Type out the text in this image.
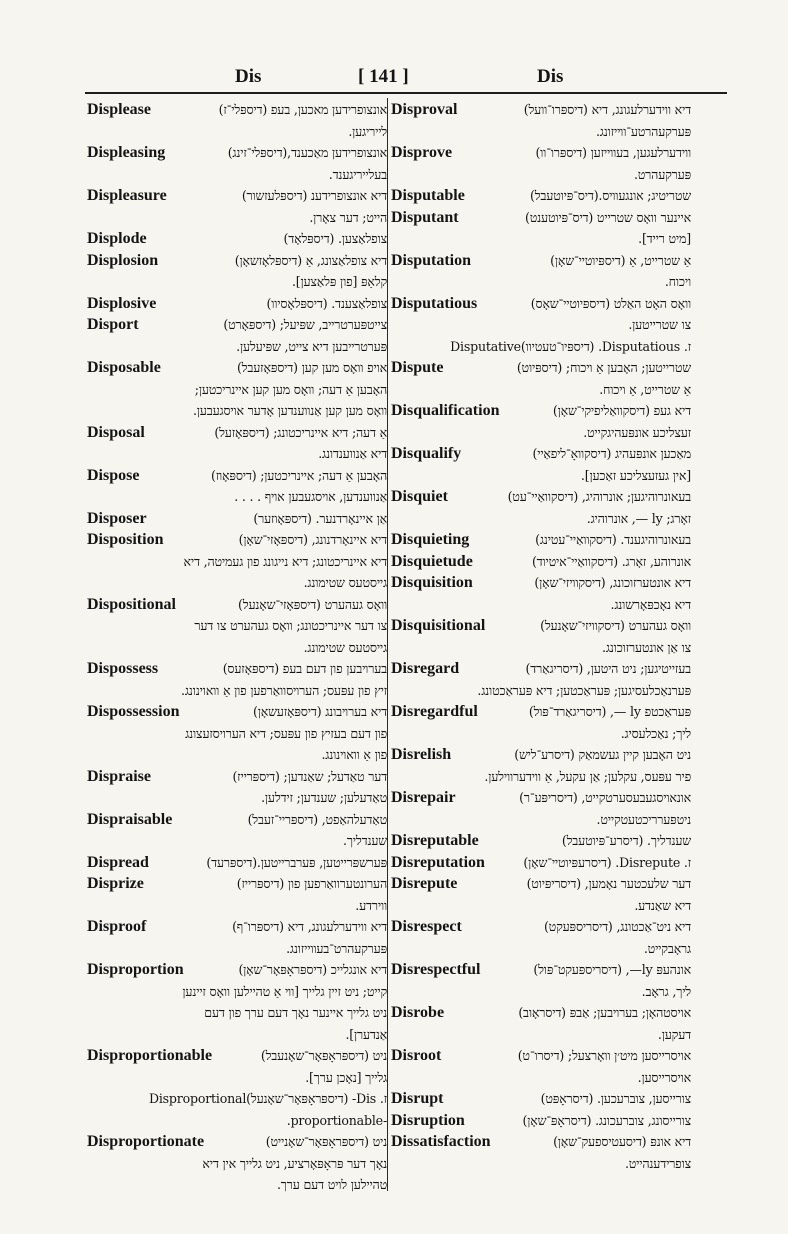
Dis	[ 141 ]	Dis
Displease	אונצופרידען מאכען, בעפ (דיספּלי־ז)
לייריגען.
Displeasing	אונצופרידען מאַכענד,(דיספּלי־זינג)
בעלייריגענד.
Displeasure	דיא אונצופרידענ (דיספּלעזשור)
הייט; דער צאָרן.
Displode	צופלאַצען. (דיספּלאָד)
Displosion	דיא צופלאַצונג, אַ (דיספּלאָזשאָן)
קלאַפּ [פון פּלאַצען].
Displosive	צופלאַצענד. (דיספּלאָסיוו)
Disport	צייטפּערטרייב, שפּיעל; (דיספּאָרט)
פּערטרייבען דיא צייט, שפּיעלען.
Disposable	אויפ וואָס מען קען (דיספּאָזעבל)
האָבען אַ דעה; וואָס מען קען איינריכטען;
וואָס מען קען אַנווענדען אָדער אויסגעבען.
Disposal	אַ דעה; דיא איינריכטונג; (דיספּאָזעל)
דיא אַנווענדונג.
Dispose	האָבען אַ דעה; איינריכטען; (דיספּאָוז)
אַנווענדען, אויסגעבען אויף . . . .
Disposer	אַן איינאָרדנער. (דיספּאָוזער)
Disposition	דיא איינאָרדנונג, (דיספּאָזי־שאָן)
דיא איינריכטונג; דיא נייגונג פון געמיטה, דיא
גייסטעס שטימונג.
Dispositional	וואָס געהערט (דיספּאָזי־שאָנעל)
צו דער איינריכטונג; וואָס געהערט צו דער
גייסטעס שטימונג.
Dispossess	בערויבען פון דעם בעפ (דיספּאָזעס)
זיץ פון עפּעס; הערויסוואַרפען פון אַ וואוינונג.
Dispossession	דיא בערויבונג (דיספּאָזעשאָן)
פון דעם בעזיץ פון עפּעס; דיא הערויסזעצונג
פון אַ וואוינונג.
Dispraise	דער טאַדעל; שאַנדען; (דיספּרייז)
טאַדעלען; שענדען; זידלען.
Dispraisable	טאַדעלהאַפט, (דיספּריי־זעבל)
שענדליך.
Dispread	פּערשפּרייטען, פּערברייטען.(דיספּרעד)
Disprize	הערונטערוואַרפען פון (דיספּרייז)
ווירדע.
Disproof	דיא ווידערלעגונג, דיא (דיספּרו־ף)
פּערקעהרט־בעווייזונג.
Disproportion	דיא אונגלייכ (דיספּראָפּאָר־שאָן)
קייט; ניט זיין גלייך [ווי אַ טהיילען וואָס זיינען
ניט גלייך איינער נאָך דעם ערך פון דעם
אַנדערן].
Disproportionable	ניט (דיספּראָפּאָר־שאָנעבל)
גלייך [נאָכן ערך].
ז. Dis- (דיספּראָפּאָר־שאָנעל)Disproportional
-proportionable.
Disproportionate	ניט (דיספּראָפּאָר־שאָנייט)
נאָך דער פּראָפּאָרציע, ניט גלייך אין דיא
טהיילען לויט דעם ערך.
Disproval	דיא ווידערלעגונג, דיא (דיספּרו־וועל)
פּערקעהרטע־ווייזונג.
Disprove	ווידערלעגען, בעווייזען (דיספּרו־וו)
פּערקעהרט.
Disputable	שטריטיג; אונגעוויס.(דיס־פּיוטעבל)
Disputant	איינער וואָס שטרייט (דיס־פּיוטענט)
[מיט רייד].
Disputation	אַ שטרייט, אַ (דיספּיוטיי־שאָן)
ויכוח.
Disputatious	וואָס האָט האַלט (דיספּיוטיי־שאָס)
צו שטרייטען.
ז. Disputatious. (דיספּיו־טעטיוו)Disputative
Dispute	שטרייטען; האָבען אַ ויכוח; (דיספּיוט)
אַ שטרייט, אַ ויכוח.
Disqualification	דיא געפ (דיסקוואַליפיקי־שאָן)
זעצליכע אונפּעהיגקייט.
Disqualify	מאַכען אונפּעהיג (דיסקוואָ־ליפאַיי)
[אין געזעצליכע זאַכען].
Disquiet	בעאונרוהיגען; אונרוהיג, (דיסקוואַיי־עט)
זאָרג; ly —, אונרוהיג.
Disquieting	בעאונרוהיגענד. (דיסקוואַיי־עטינג)
Disquietude	אונרוהע, זאָרג. (דיסקוואַיי־איטיוד)
Disquisition	דיא אונטערזוכונג, (דיסקוויזי־שאָן)
דיא נאָכפּאָרשונג.
Disquisitional	וואָס געהערט (דיסקוויזי־שאָנעל)
צו אַן אונטערזוכונג.
Disregard	בעזייטיגען; ניט היטען, (דיסריגאַרד)
פּערנאַכלעסיגען; פּעראַכטען; דיא פּעראַכטונג.
Disregardful	פּעראַכטפ ly —, (דיסריגאַרד־פּול)
ליך; נאַכלעסיג.
Disrelish	ניט האָבען קיין געשמאַק (דיסרע־ליש)
פיר עפּעס, עקלען; אַן עקעל, אַ ווידערווילען.
Disrepair	אונאויסגעבעסערטקייט, (דיסריפּע־ר)
ניטפּערריכטעטקייט.
Disreputable	שענדליך. (דיסרע־פּיוטעבל)
Disreputation	ז. Disrepute. (דיסרעפּיוטיי־שאָן)
Disrepute	דער שלעכטער נאָמען, (דיסריפּיוט)
דיא שאַנדע.
Disrespect	דיא ניט־אַכטונג, (דיסריספּעקט)
גראָבקייט.
Disrespectful	אונהעפּ ly—, (דיסריספּעקט־פּול)
ליך, גראָב.
Disrobe	אויסטהאָן; בערויבען; אַבפּ (דיסראָוב)
דעקען.
Disroot	אויסרייסען מיט׳ן וואָרצעל; (דיסרו־ט)
אויסרייסען.
Disrupt	צורייסען, צוברעכען. (דיסראָפּט)
Disruption	צורייסונג, צוברעכונג. (דיסראָפּ־שאָן)
Dissatisfaction	דיא אונפּ (דיסעטיספעק־שאָן)
צופרידענהייט.
